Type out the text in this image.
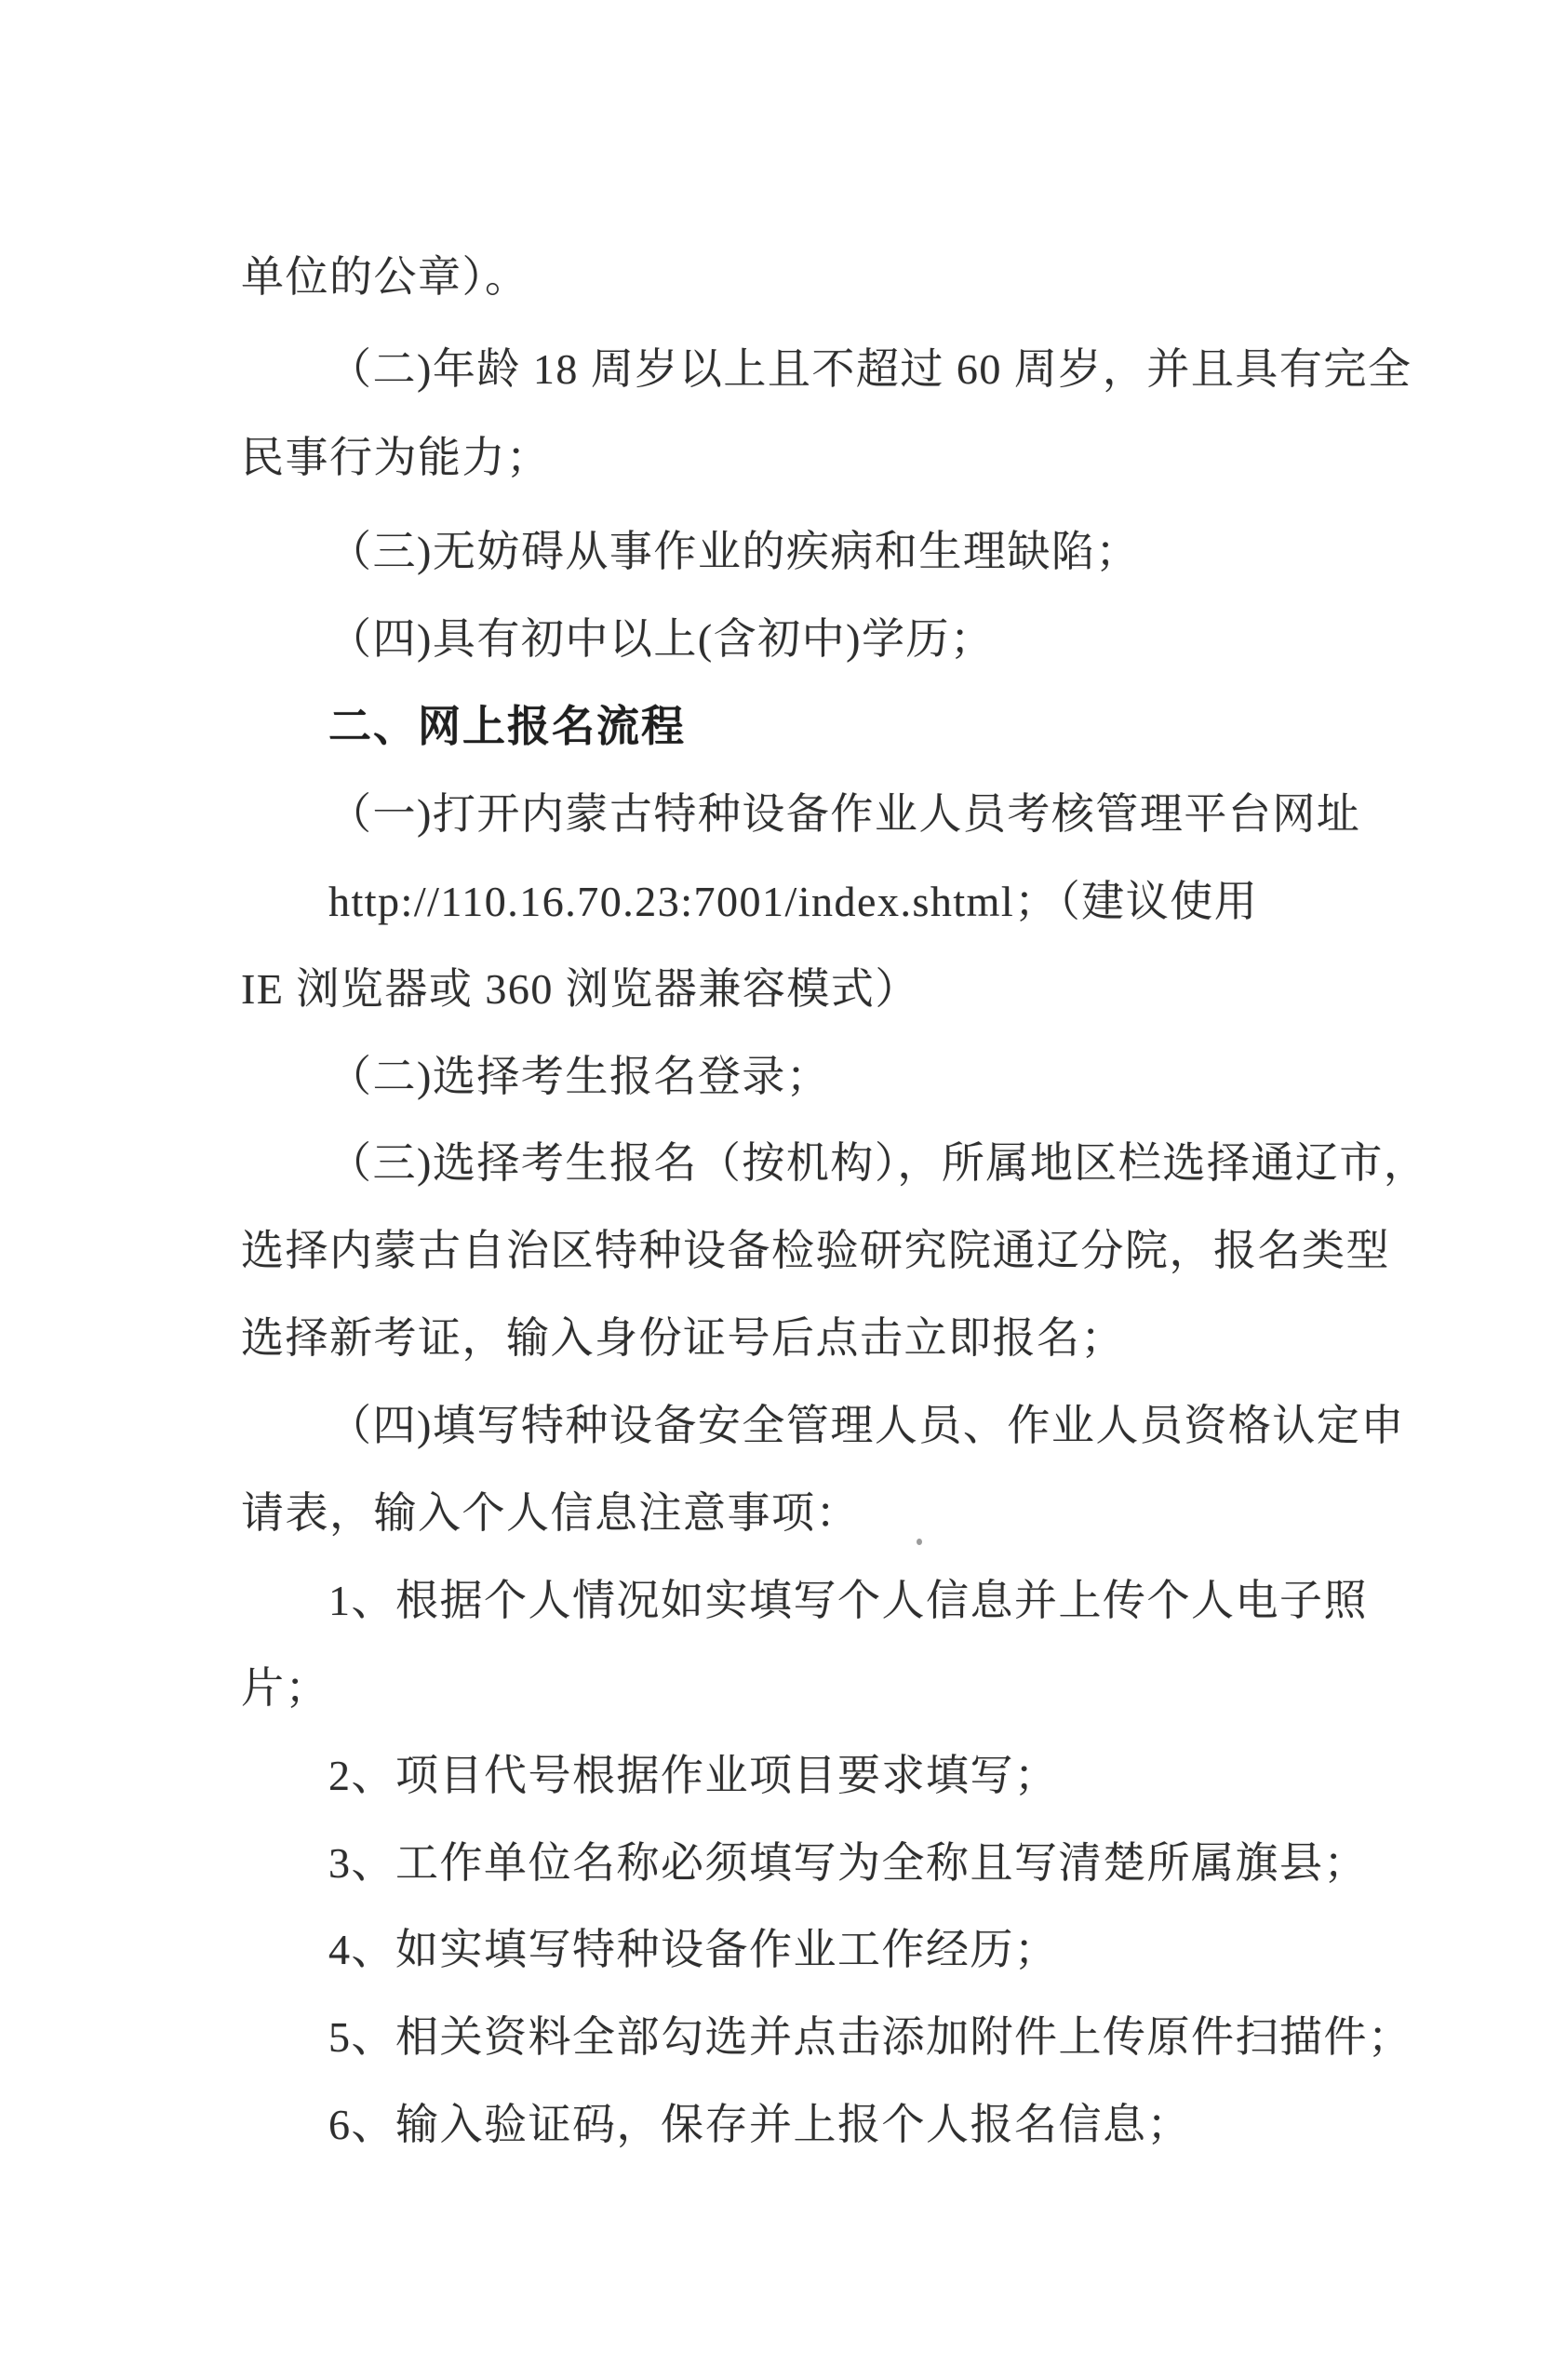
单位的公章）。
（二)年龄 18 周岁以上且不超过 60 周岁，并且具有完全
民事行为能力；
（三)无妨碍从事作业的疾病和生理缺陷；
（四)具有初中以上(含初中)学历；
二、网上报名流程
（一)打开内蒙古特种设备作业人员考核管理平台网址
http://110.16.70.23:7001/index.shtml；（建议使用
IE 浏览器或 360 浏览器兼容模式）
（二)选择考生报名登录；
（三)选择考生报名（按机构），所属地区栏选择通辽市，
选择内蒙古自治区特种设备检验研究院通辽分院，报名类型
选择新考证，输入身份证号后点击立即报名；
（四)填写特种设备安全管理人员、作业人员资格认定申
请表，输入个人信息注意事项：
1、根据个人情况如实填写个人信息并上传个人电子照
片；
2、项目代号根据作业项目要求填写；
3、工作单位名称必须填写为全称且写清楚所属旗县；
4、如实填写特种设备作业工作经历；
5、相关资料全部勾选并点击添加附件上传原件扫描件；
6、输入验证码，保存并上报个人报名信息；
